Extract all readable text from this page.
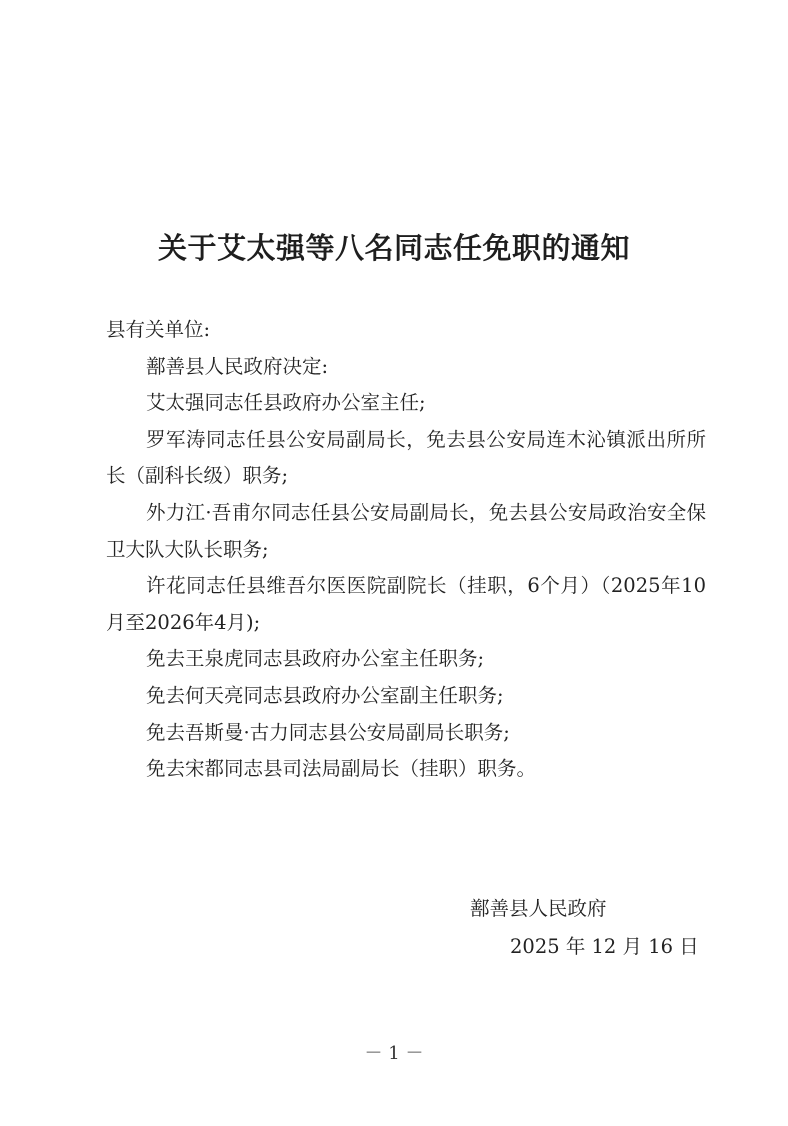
关于艾太强等八名同志任免职的通知

县有关单位:

鄯善县人民政府决定:

艾太强同志任县政府办公室主任;

罗军涛同志任县公安局副局长，免去县公安局连木沁镇派出所所长（副科长级）职务;

外力江·吾甫尔同志任县公安局副局长，免去县公安局政治安全保卫大队大队长职务;

许花同志任县维吾尔医医院副院长（挂职，6个月）（2025年10月至2026年4月);

免去王泉虎同志县政府办公室主任职务;

免去何天亮同志县政府办公室副主任职务;

免去吾斯曼·古力同志县公安局副局长职务;

免去宋都同志县司法局副局长（挂职）职务。

鄯善县人民政府
2025 年 12 月 16 日
－ 1 －
